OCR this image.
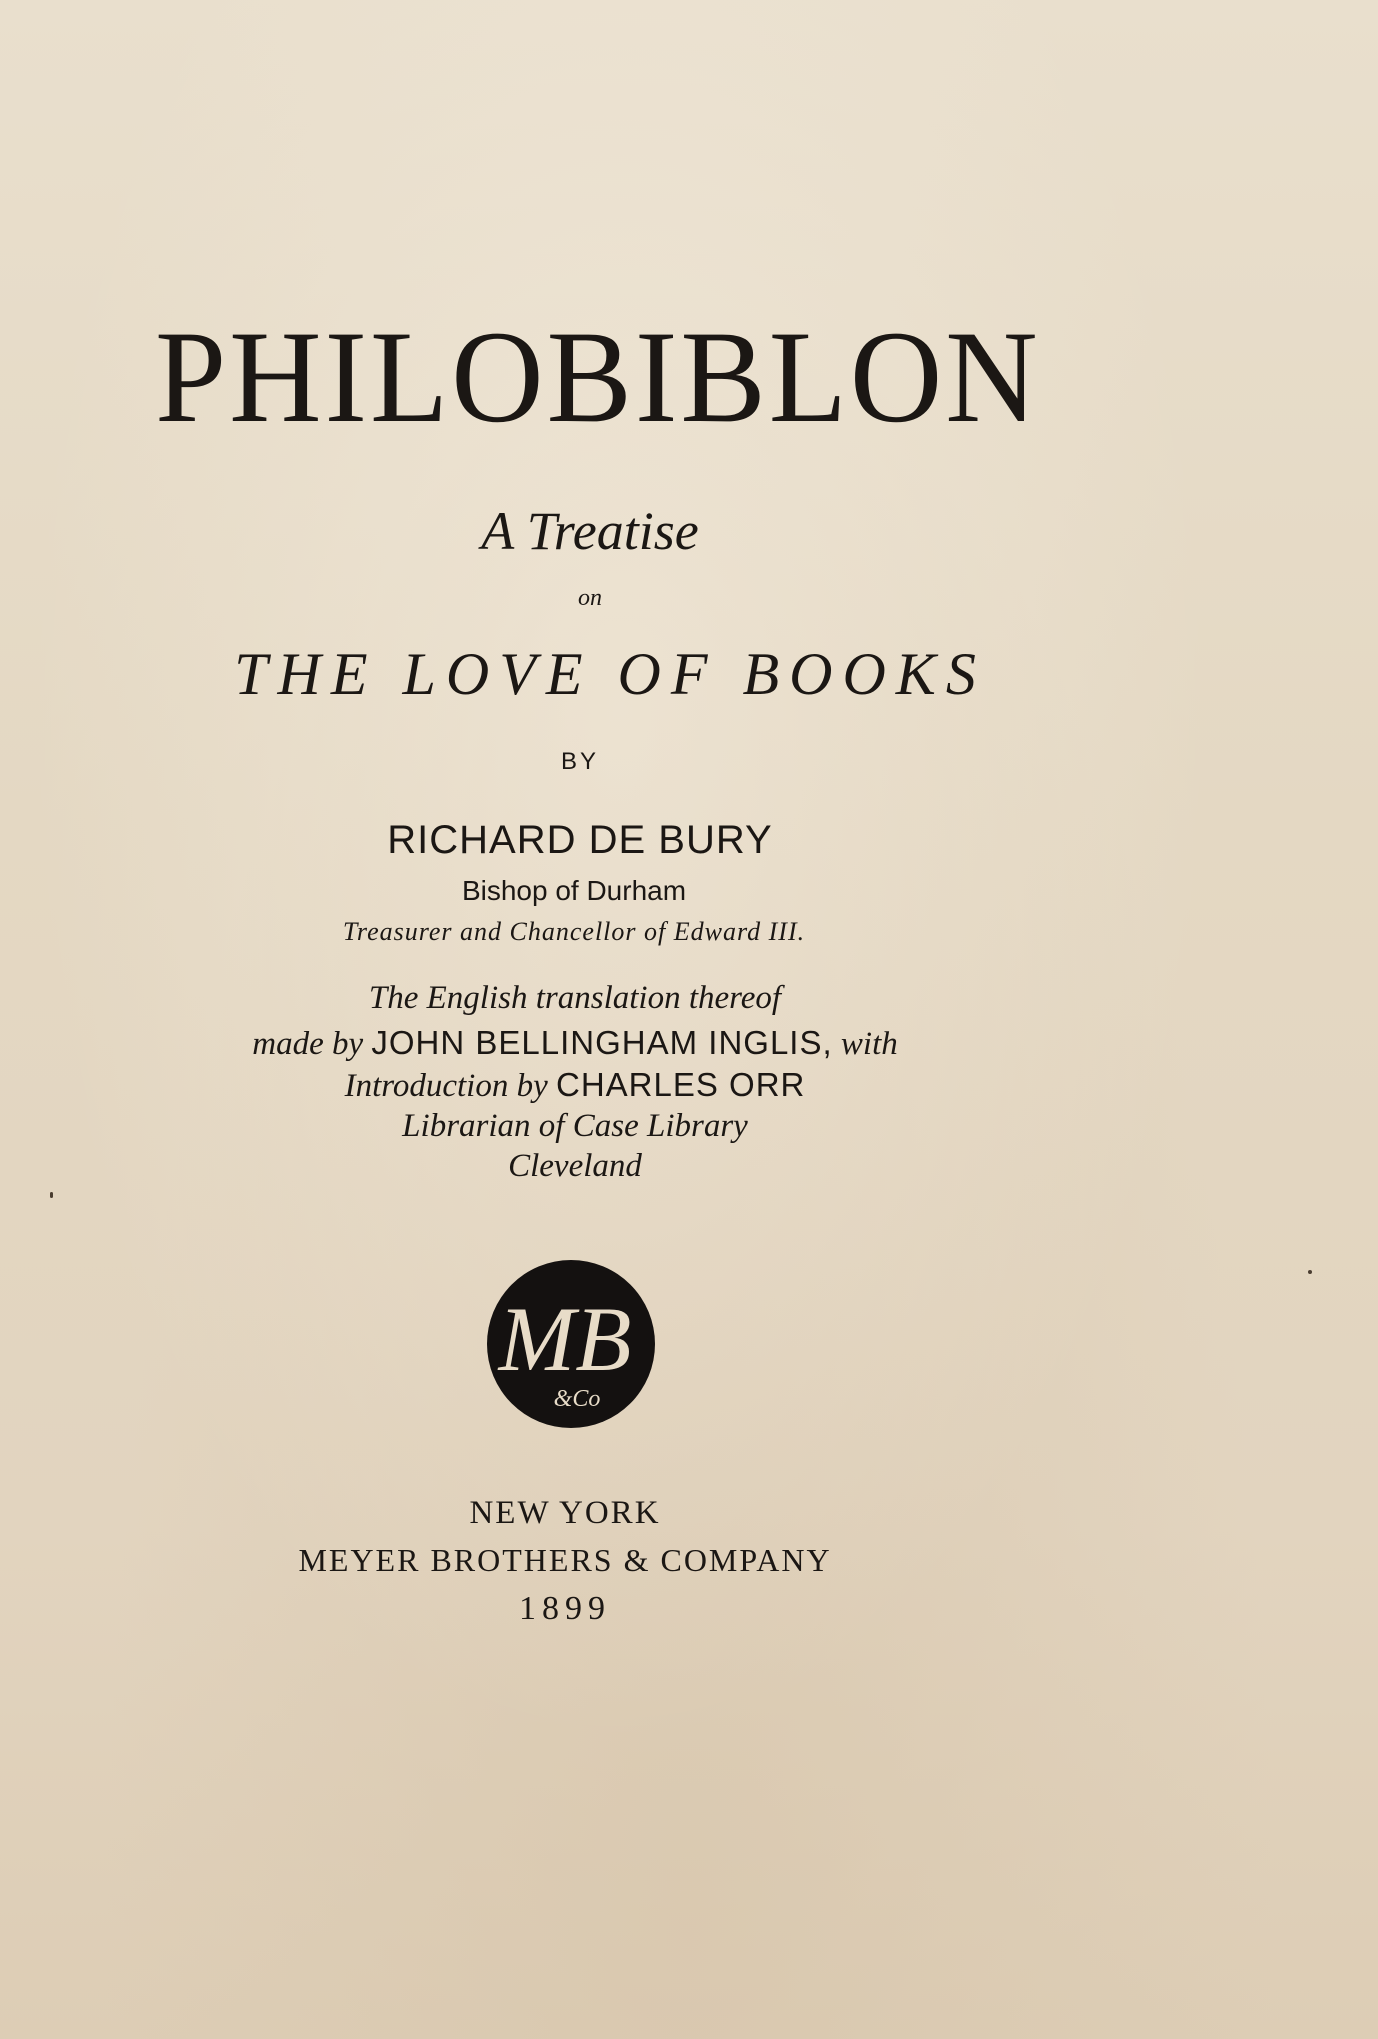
PHILOBIBLON

A Treatise

on

THE LOVE OF BOOKS

BY

RICHARD DE BURY

Bishop of Durham

Treasurer and Chancellor of Edward III.

The English translation thereof

made by JOHN BELLINGHAM INGLIS, with

Introduction by CHARLES ORR

Librarian of Case Library

Cleveland

MB
&Co

NEW YORK

MEYER BROTHERS & COMPANY

1899
